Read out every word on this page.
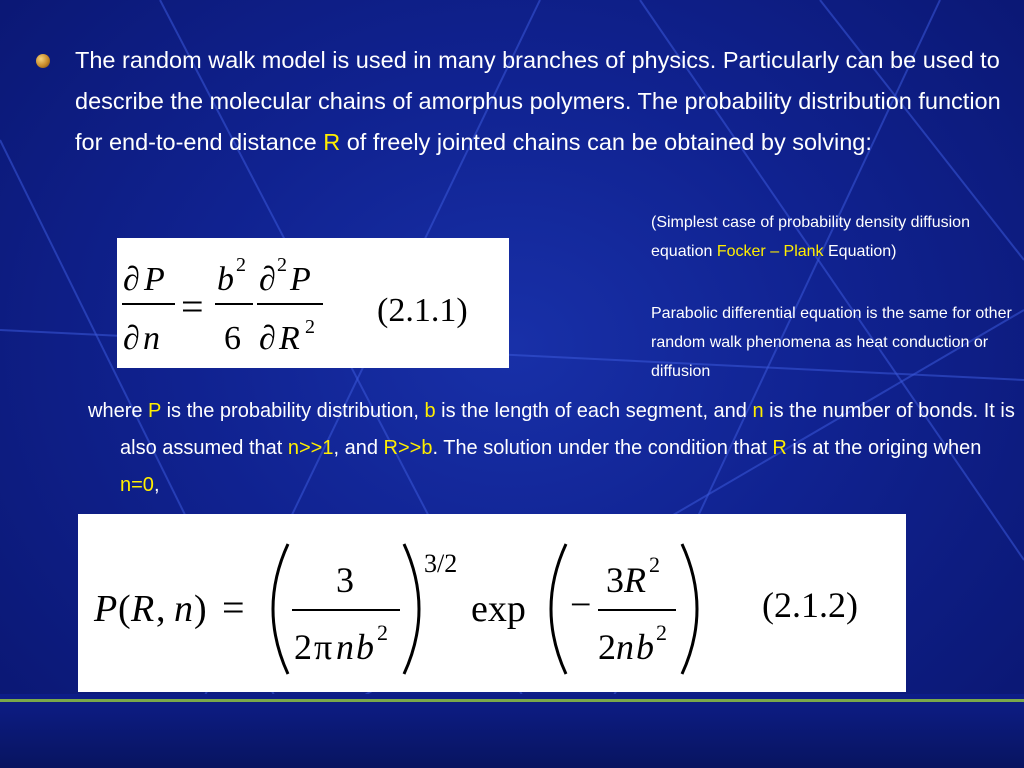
The random walk model is used in many branches of physics. Particularly can be used to describe the molecular chains of amorphus polymers. The probability distribution function for end-to-end distance R of freely jointed chains can be obtained by solving:
∂ P
∂ n
=
b 2
6
∂ 2 P
∂ R 2 (2.1.1)
(Simplest case of probability density diffusion equation Focker – Plank Equation)
Parabolic differential equation is the same for other random walk phenomena as heat conduction or diffusion
where P is the probability distribution, b is the length of each segment, and n is the number of bonds. It is also assumed that n>>1, and R>>b. The solution under the condition that R is at the origing when n=0,
P ( R , n ) =
3
2 π n b 2
3/2
exp −
3 R 2
2 n b 2
(2.1.2)
